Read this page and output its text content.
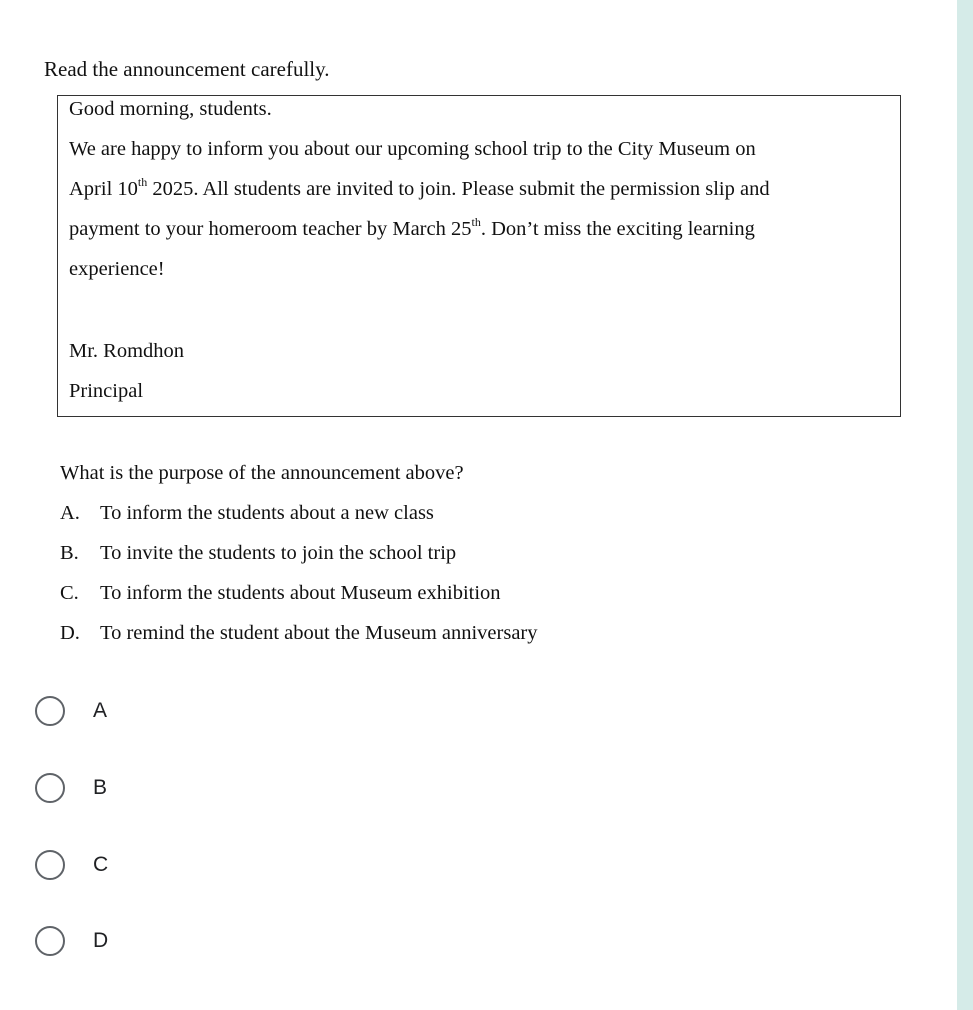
Read the announcement carefully.
Good morning, students.
We are happy to inform you about our upcoming school trip to the City Museum on
April 10th 2025. All students are invited to join. Please submit the permission slip and
payment to your homeroom teacher by March 25th. Don’t miss the exciting learning
experience!
Mr. Romdhon
Principal
What is the purpose of the announcement above?
A. To inform the students about a new class
B. To invite the students to join the school trip
C. To inform the students about Museum exhibition
D. To remind the student about the Museum anniversary
A
B
C
D
